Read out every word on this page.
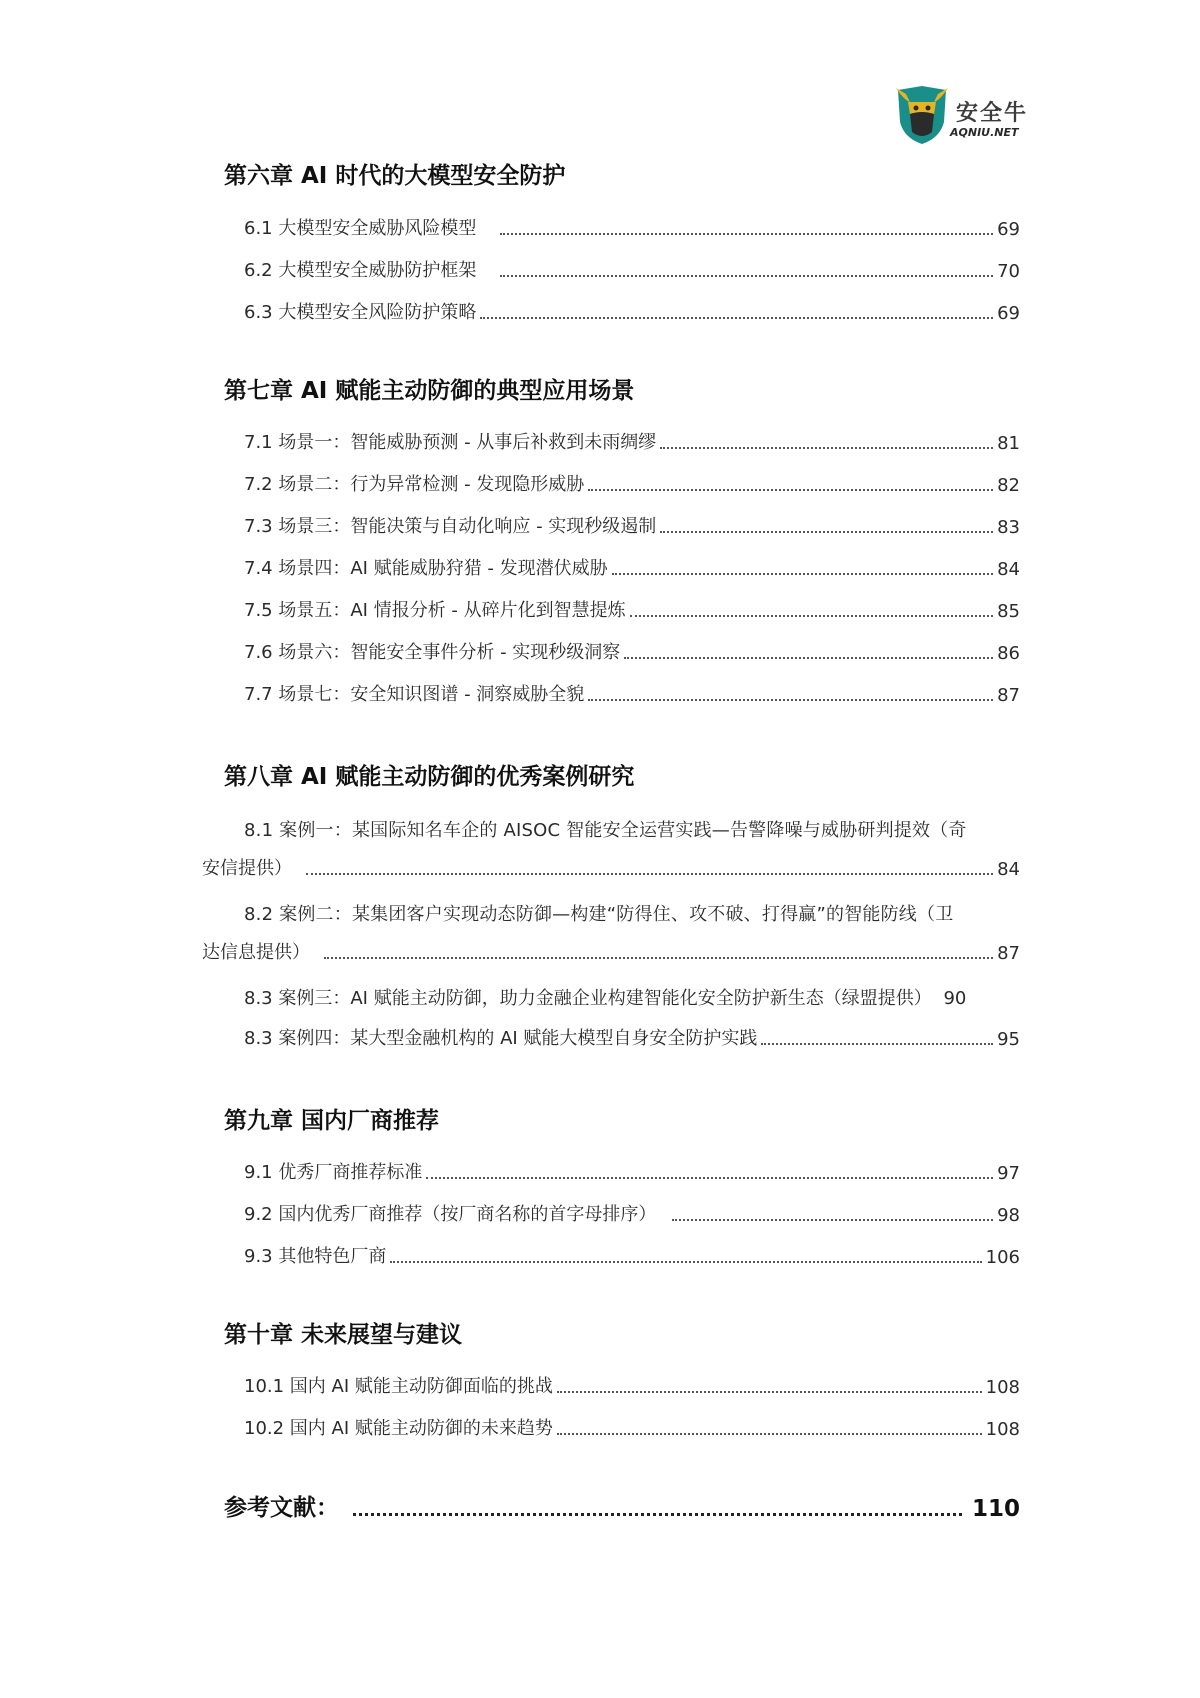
安全牛
AQNIU.NET
第六章 AI 时代的大模型安全防护
6.1 大模型安全威胁风险模型	69
6.2 大模型安全威胁防护框架	70
6.3 大模型安全风险防护策略	69
第七章 AI 赋能主动防御的典型应用场景
7.1 场景一：智能威胁预测 - 从事后补救到未雨绸缪	81
7.2 场景二：行为异常检测 - 发现隐形威胁	82
7.3 场景三：智能决策与自动化响应 - 实现秒级遏制	83
7.4 场景四：AI 赋能威胁狩猎 - 发现潜伏威胁	84
7.5 场景五：AI 情报分析 - 从碎片化到智慧提炼	85
7.6 场景六：智能安全事件分析 - 实现秒级洞察	86
7.7 场景七：安全知识图谱 - 洞察威胁全貌	87
第八章 AI 赋能主动防御的优秀案例研究
8.1 案例一：某国际知名车企的 AISOC 智能安全运营实践—告警降噪与威胁研判提效（奇
安信提供）	84
8.2 案例二：某集团客户实现动态防御—构建“防得住、攻不破、打得赢”的智能防线（卫
达信息提供）	87
8.3 案例三：AI 赋能主动防御，助力金融企业构建智能化安全防护新生态（绿盟提供） 90
8.3 案例四：某大型金融机构的 AI 赋能大模型自身安全防护实践	95
第九章 国内厂商推荐
9.1 优秀厂商推荐标准	97
9.2 国内优秀厂商推荐（按厂商名称的首字母排序）	98
9.3 其他特色厂商	106
第十章 未来展望与建议
10.1 国内 AI 赋能主动防御面临的挑战	108
10.2 国内 AI 赋能主动防御的未来趋势	108
参考文献：	110
